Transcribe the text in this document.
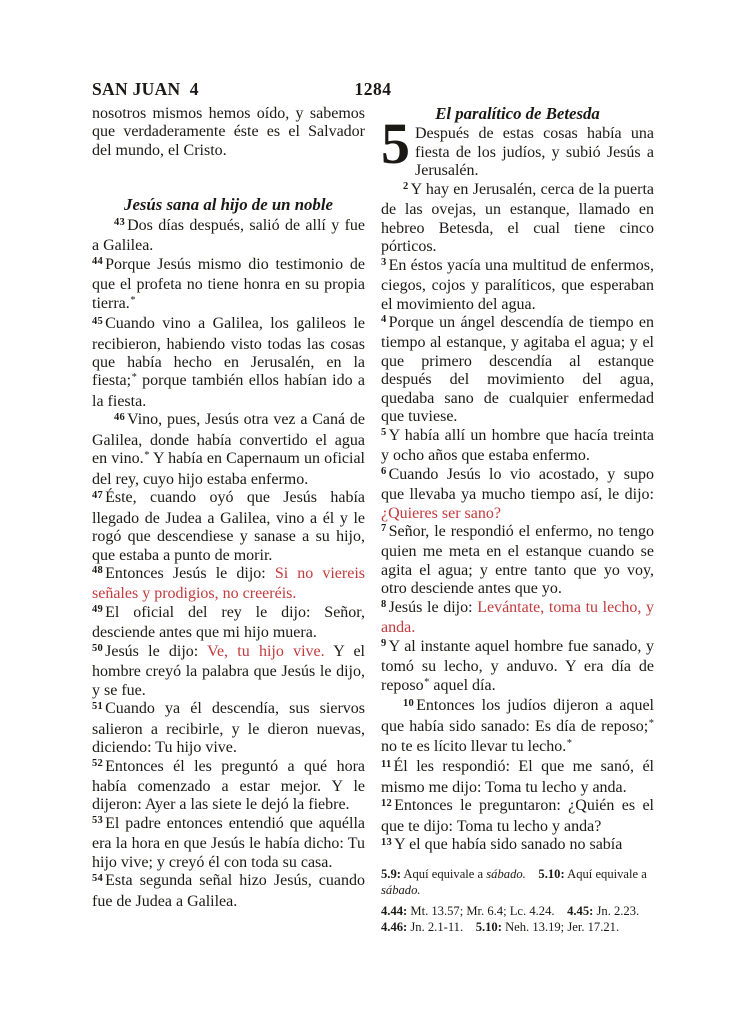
SAN JUAN  4	1284

nosotros mismos hemos oído, y sabemos que verdaderamente éste es el Salvador del mundo, el Cristo.

Jesús sana al hijo de un noble

$^{43}$ Dos días después, salió de allí y fue a Galilea.

$^{44}$ Porque Jesús mismo dio testimonio de que el profeta no tiene honra en su propia tierra.*

$^{45}$ Cuando vino a Galilea, los galileos le recibieron, habiendo visto todas las cosas que había hecho en Jerusalén, en la fiesta;* porque también ellos habían ido a la fiesta.

$^{46}$ Vino, pues, Jesús otra vez a Caná de Galilea, donde había convertido el agua en vino.* Y había en Capernaum un oficial del rey, cuyo hijo estaba enfermo.

$^{47}$ Éste, cuando oyó que Jesús había llegado de Judea a Galilea, vino a él y le rogó que descendiese y sanase a su hijo, que estaba a punto de morir.

$^{48}$ Entonces Jesús le dijo: Si no viereis señales y prodigios, no creeréis.

$^{49}$ El oficial del rey le dijo: Señor, desciende antes que mi hijo muera.

$^{50}$ Jesús le dijo: Ve, tu hijo vive. Y el hombre creyó la palabra que Jesús le dijo, y se fue.

$^{51}$ Cuando ya él descendía, sus siervos salieron a recibirle, y le dieron nuevas, diciendo: Tu hijo vive.

$^{52}$ Entonces él les preguntó a qué hora había comenzado a estar mejor. Y le dijeron: Ayer a las siete le dejó la fiebre.

$^{53}$ El padre entonces entendió que aquélla era la hora en que Jesús le había dicho: Tu hijo vive; y creyó él con toda su casa.

$^{54}$ Esta segunda señal hizo Jesús, cuando fue de Judea a Galilea.

El paralítico de Betesda

5 Después de estas cosas había una fiesta de los judíos, y subió Jesús a Jerusalén.

$^2$ Y hay en Jerusalén, cerca de la puerta de las ovejas, un estanque, llamado en hebreo Betesda, el cual tiene cinco pórticos.

$^3$ En éstos yacía una multitud de enfermos, ciegos, cojos y paralíticos, que esperaban el movimiento del agua.

$^4$ Porque un ángel descendía de tiempo en tiempo al estanque, y agitaba el agua; y el que primero descendía al estanque después del movimiento del agua, quedaba sano de cualquier enfermedad que tuviese.

$^5$ Y había allí un hombre que hacía treinta y ocho años que estaba enfermo.

$^6$ Cuando Jesús lo vio acostado, y supo que llevaba ya mucho tiempo así, le dijo: ¿Quieres ser sano?

$^7$ Señor, le respondió el enfermo, no tengo quien me meta en el estanque cuando se agita el agua; y entre tanto que yo voy, otro desciende antes que yo.

$^8$ Jesús le dijo: Levántate, toma tu lecho, y anda.

$^9$ Y al instante aquel hombre fue sanado, y tomó su lecho, y anduvo. Y era día de reposo* aquel día.

$^{10}$ Entonces los judíos dijeron a aquel que había sido sanado: Es día de reposo;* no te es lícito llevar tu lecho.*

$^{11}$ Él les respondió: El que me sanó, él mismo me dijo: Toma tu lecho y anda.

$^{12}$ Entonces le preguntaron: ¿Quién es el que te dijo: Toma tu lecho y anda?

$^{13}$ Y el que había sido sanado no sabía

5.9: Aquí equivale a sábado.  5.10: Aquí equivale a sábado.

4.44: Mt. 13.57; Mr. 6.4; Lc. 4.24.  4.45: Jn. 2.23. 4.46: Jn. 2.1-11.  5.10: Neh. 13.19; Jer. 17.21.
